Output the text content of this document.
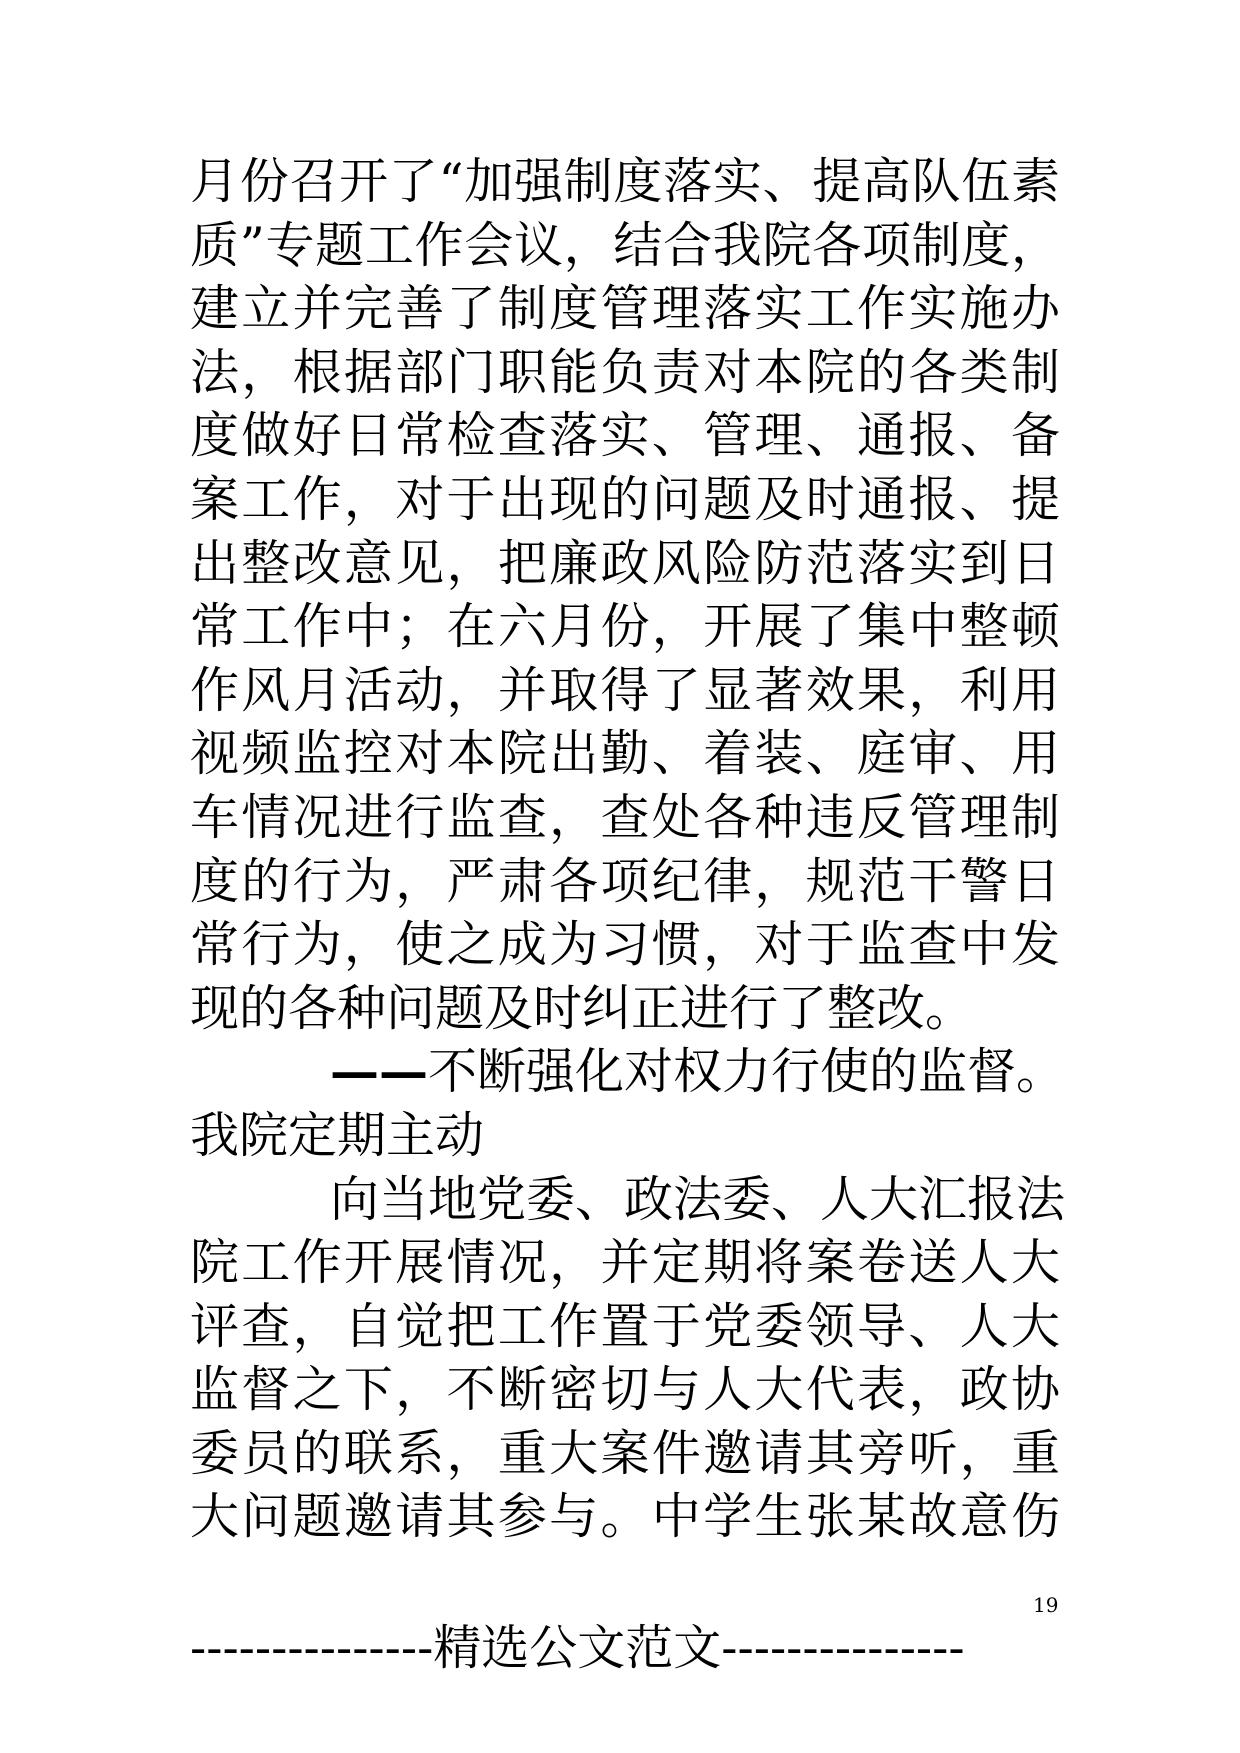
月份召开了“加强制度落实、提高队伍素
质”专题工作会议，结合我院各项制度，
建立并完善了制度管理落实工作实施办
法，根据部门职能负责对本院的各类制
度做好日常检查落实、管理、通报、备
案工作，对于出现的问题及时通报、提
出整改意见，把廉政风险防范落实到日
常工作中；在六月份，开展了集中整顿
作风月活动，并取得了显著效果，利用
视频监控对本院出勤、着装、庭审、用
车情况进行监查，查处各种违反管理制
度的行为，严肃各项纪律，规范干警日
常行为，使之成为习惯，对于监查中发
现的各种问题及时纠正进行了整改。
——不断强化对权力行使的监督。
我院定期主动
向当地党委、政法委、人大汇报法
院工作开展情况，并定期将案卷送人大
评查，自觉把工作置于党委领导、人大
监督之下，不断密切与人大代表，政协
委员的联系，重大案件邀请其旁听，重
大问题邀请其参与。中学生张某故意伤
19
---------------精选公文范文---------------
